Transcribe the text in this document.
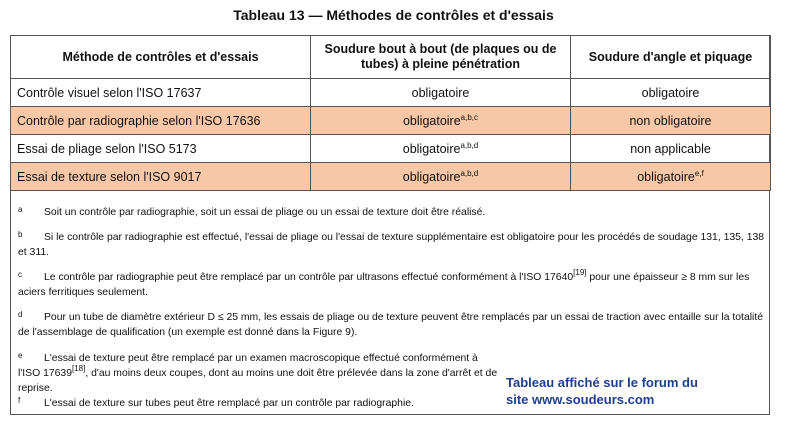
Tableau 13 — Méthodes de contrôles et d'essais
Méthode de contrôles et d'essais	Soudure bout à bout (de plaques ou de tubes) à pleine pénétration	Soudure d'angle et piquage
Contrôle visuel selon l'ISO 17637	obligatoire	obligatoire
Contrôle par radiographie selon l'ISO 17636	obligatoire$^{a,b,c}$	non obligatoire
Essai de pliage selon l'ISO 5173	obligatoire$^{a,b,d}$	non applicable
Essai de texture selon l'ISO 9017	obligatoire$^{a,b,d}$	obligatoire$^{e,f}$
a	Soit un contrôle par radiographie, soit un essai de pliage ou un essai de texture doit être réalisé.
b	Si le contrôle par radiographie est effectué, l'essai de pliage ou l'essai de texture supplémentaire est obligatoire pour les procédés de soudage 131, 135, 138 et 311.
c	Le contrôle par radiographie peut être remplacé par un contrôle par ultrasons effectué conformément à l'ISO 17640[19] pour une épaisseur ≥ 8 mm sur les aciers ferritiques seulement.
d	Pour un tube de diamètre extérieur D ≤ 25 mm, les essais de pliage ou de texture peuvent être remplacés par un essai de traction avec entaille sur la totalité de l'assemblage de qualification (un exemple est donné dans la Figure 9).
e	L'essai de texture peut être remplacé par un examen macroscopique effectué conformément à l'ISO 17639[18], d'au moins deux coupes, dont au moins une doit être prélevée dans la zone d'arrêt et de reprise.
f	L'essai de texture sur tubes peut être remplacé par un contrôle par radiographie.
Tableau affiché sur le forum du
site www.soudeurs.com
